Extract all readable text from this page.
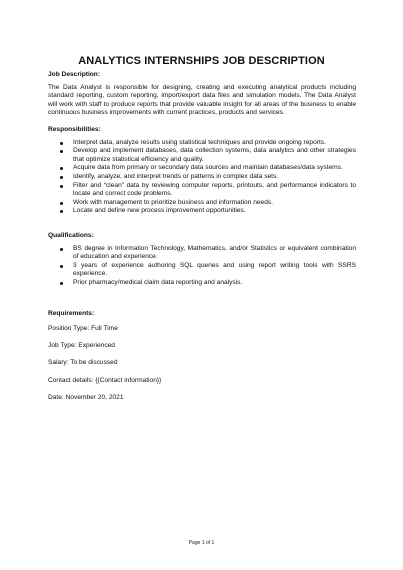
ANALYTICS INTERNSHIPS JOB DESCRIPTION

Job Description:

The Data Analyst is responsible for designing, creating and executing analytical products including standard reporting, custom reporting, import/export data files and simulation models. The Data Analyst will work with staff to produce reports that provide valuable insight for all areas of the business to enable continuous business improvements with current practices, products and services.

Responsibilities:

Interpret data, analyze results using statistical techniques and provide ongoing reports.
Develop and implement databases, data collection systems, data analytics and other strategies that optimize statistical efficiency and quality.
Acquire data from primary or secondary data sources and maintain databases/data systems.
Identify, analyze, and interpret trends or patterns in complex data sets.
Filter and “clean” data by reviewing computer reports, printouts, and performance indicators to locate and correct code problems.
Work with management to prioritize business and information needs.
Locate and define new process improvement opportunities.

Qualifications:

BS degree in Information Technology, Mathematics, and/or Statistics or equivalent combination of education and experience.
3 years of experience authoring SQL queries and using report writing tools with SSRS experience.
Prior pharmacy/medical claim data reporting and analysis.

Requirements:

Position Type: Full Time

Job Type: Experienced

Salary: To be discussed

Contact details: {{Contact information}}

Date: November 20, 2021

Page 1 of 1
